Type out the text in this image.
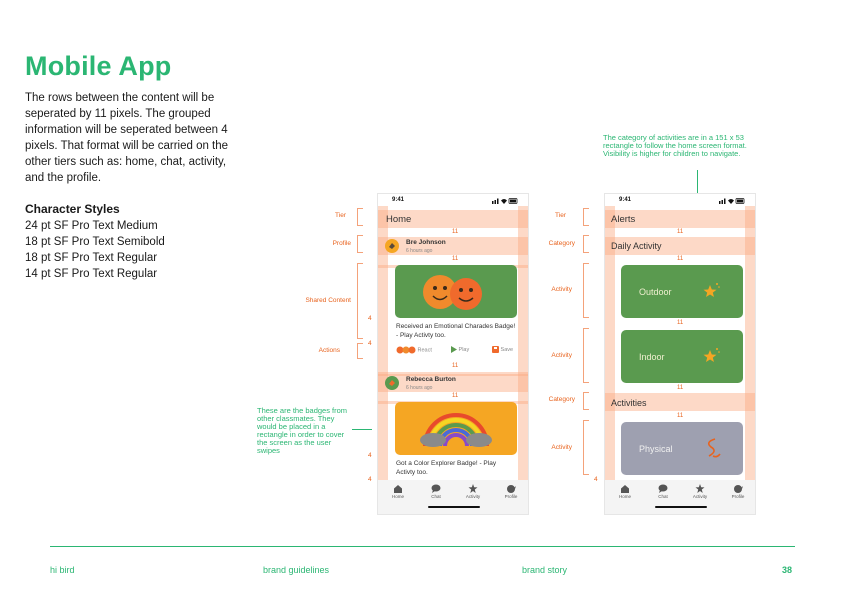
Mobile App
The rows between the content will be seperated by 11 pixels. The grouped information will be seperated between 4 pixels. That format will be carried on the other tiers such as: home, chat, activity, and the profile.
Character Styles
24 pt SF Pro Text Medium
18 pt SF Pro Text Semibold
18 pt SF Pro Text Regular
14 pt SF Pro Text Regular
Tier
Profile
Shared Content
Actions
4
4
4
4
These are the badges from other classmates. They would be placed in a rectangle in order to cover the screen as the user swipes
9:41
Home
11
Bre Johnson
6 hours ago
11
Received an Emotional Charades Badge! - Play Activty too.
React	Play	Save
11
Rebecca Burton
6 hours ago
11
Got a Color Explorer Badge! - Play Activty too.
Home	Chat	Activity	Profile
Tier
Category
Activity
Activity
Category
Activity
4
The category of activities are in a 151 x 53 rectangle to follow the home screen format. Visibility is higher for children to navigate.
9:41
Alerts
11
Daily Activity
11
Outdoor
11
Indoor
11
Activities
11
Physical
Home	Chat	Activity	Profile
hi bird	brand guidelines	brand story	38
